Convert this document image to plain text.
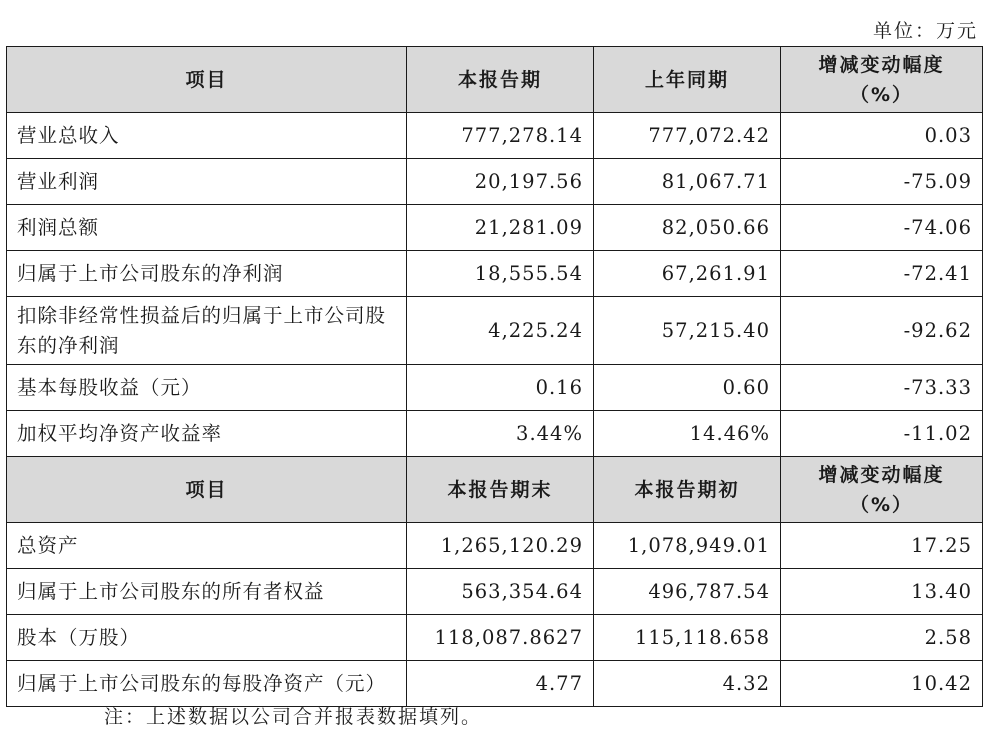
单位：万元
项目	本报告期	上年同期	增减变动幅度
（%）
营业总收入	777,278.14	777,072.42	0.03
营业利润	20,197.56	81,067.71	-75.09
利润总额	21,281.09	82,050.66	-74.06
归属于上市公司股东的净利润	18,555.54	67,261.91	-72.41
扣除非经常性损益后的归属于上市公司股东的净利润	4,225.24	57,215.40	-92.62
基本每股收益（元）	0.16	0.60	-73.33
加权平均净资产收益率	3.44%	14.46%	-11.02
项目	本报告期末	本报告期初	增减变动幅度
（%）
总资产	1,265,120.29	1,078,949.01	17.25
归属于上市公司股东的所有者权益	563,354.64	496,787.54	13.40
股本（万股）	118,087.8627	115,118.658	2.58
归属于上市公司股东的每股净资产（元）	4.77	4.32	10.42
注：上述数据以公司合并报表数据填列。
